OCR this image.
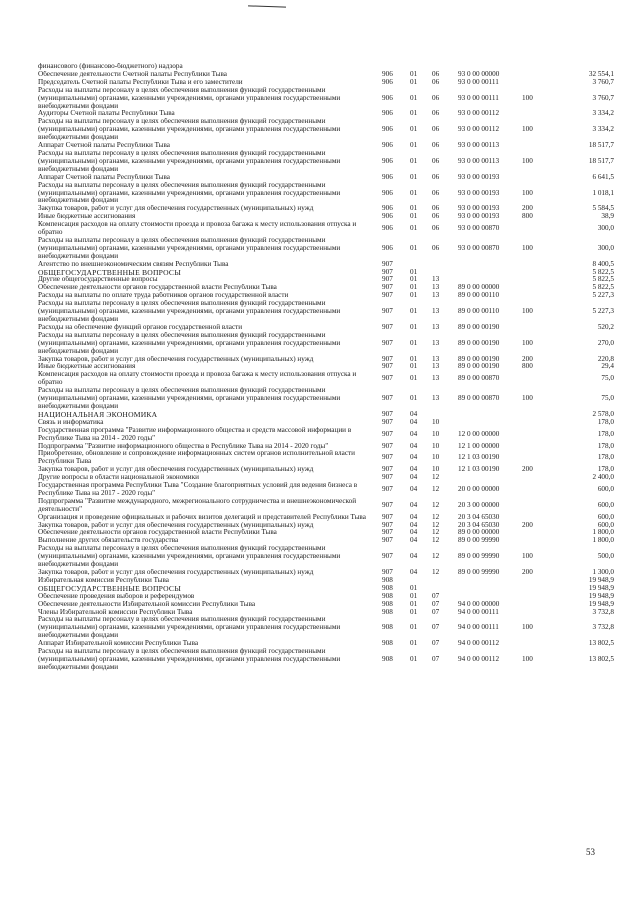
финансового (финансово-бюджетного) надзора						
Обеспечение деятельности Счетной палаты Республики Тыва	906	01	06	93 0 00 00000		32 554,1
Председатель Счетной палаты Республики Тыва и его заместители	906	01	06	93 0 00 00111		3 760,7
Расходы на выплаты персоналу в целях обеспечения выполнения функций государственными (муниципальными) органами, казенными учреждениями, органами управления государственными внебюджетными фондами	906	01	06	93 0 00 00111	100	3 760,7
Аудиторы Счетной палаты Республики Тыва	906	01	06	93 0 00 00112		3 334,2
Расходы на выплаты персоналу в целях обеспечения выполнения функций государственными (муниципальными) органами, казенными учреждениями, органами управления государственными внебюджетными фондами	906	01	06	93 0 00 00112	100	3 334,2
Аппарат Счетной палаты Республики Тыва	906	01	06	93 0 00 00113		18 517,7
Расходы на выплаты персоналу в целях обеспечения выполнения функций государственными (муниципальными) органами, казенными учреждениями, органами управления государственными внебюджетными фондами	906	01	06	93 0 00 00113	100	18 517,7
Аппарат Счетной палаты Республики Тыва	906	01	06	93 0 00 00193		6 641,5
Расходы на выплаты персоналу в целях обеспечения выполнения функций государственными (муниципальными) органами, казенными учреждениями, органами управления государственными внебюджетными фондами	906	01	06	93 0 00 00193	100	1 018,1
Закупка товаров, работ и услуг для обеспечения государственных (муниципальных) нужд	906	01	06	93 0 00 00193	200	5 584,5
Иные бюджетные ассигнования	906	01	06	93 0 00 00193	800	38,9
Компенсация расходов на оплату стоимости проезда и провоза багажа к месту использования отпуска и обратно	906	01	06	93 0 00 00870		300,0
Расходы на выплаты персоналу в целях обеспечения выполнения функций государственными (муниципальными) органами, казенными учреждениями, органами управления государственными внебюджетными фондами	906	01	06	93 0 00 00870	100	300,0
Агентство по внешнеэкономическим связям Республики Тыва	907					8 400,5
ОБЩЕГОСУДАРСТВЕННЫЕ ВОПРОСЫ	907	01				5 822,5
Другие общегосударственные вопросы	907	01	13			5 822,5
Обеспечение деятельности органов государственной власти Республики Тыва	907	01	13	89 0 00 00000		5 822,5
Расходы на выплаты по оплате труда работников органов государственной власти	907	01	13	89 0 00 00110		5 227,3
Расходы на выплаты персоналу в целях обеспечения выполнения функций государственными (муниципальными) органами, казенными учреждениями, органами управления государственными внебюджетными фондами	907	01	13	89 0 00 00110	100	5 227,3
Расходы на обеспечение функций органов государственной власти	907	01	13	89 0 00 00190		520,2
Расходы на выплаты персоналу в целях обеспечения выполнения функций государственными (муниципальными) органами, казенными учреждениями, органами управления государственными внебюджетными фондами	907	01	13	89 0 00 00190	100	270,0
Закупка товаров, работ и услуг для обеспечения государственных (муниципальных) нужд	907	01	13	89 0 00 00190	200	220,8
Иные бюджетные ассигнования	907	01	13	89 0 00 00190	800	29,4
Компенсация расходов на оплату стоимости проезда и провоза багажа к месту использования отпуска и обратно	907	01	13	89 0 00 00870		75,0
Расходы на выплаты персоналу в целях обеспечения выполнения функций государственными (муниципальными) органами, казенными учреждениями, органами управления государственными внебюджетными фондами	907	01	13	89 0 00 00870	100	75,0
НАЦИОНАЛЬНАЯ ЭКОНОМИКА	907	04				2 578,0
Связь и информатика	907	04	10			178,0
Государственная программа "Развитие информационного общества и средств массовой информации в Республике Тыва на 2014 - 2020 годы"	907	04	10	12 0 00 00000		178,0
Подпрограмма "Развитие информационного общества в Республике Тыва на 2014 - 2020 годы"	907	04	10	12 1 00 00000		178,0
Приобретение, обновление и сопровождение информационных систем органов исполнительной власти Республики Тыва	907	04	10	12 1 03 00190		178,0
Закупка товаров, работ и услуг для обеспечения государственных (муниципальных) нужд	907	04	10	12 1 03 00190	200	178,0
Другие вопросы в области национальной экономики	907	04	12			2 400,0
Государственная программа Республики Тыва "Создание благоприятных условий для ведения бизнеса в Республике Тыва на 2017 - 2020 годы"	907	04	12	20 0 00 00000		600,0
Подпрограмма "Развитие международного, межрегионального сотрудничества и внешнеэкономической деятельности"	907	04	12	20 3 00 00000		600,0
Организация и проведение официальных и рабочих визитов делегаций и представителей Республики Тыва	907	04	12	20 3 04 65030		600,0
Закупка товаров, работ и услуг для обеспечения государственных (муниципальных) нужд	907	04	12	20 3 04 65030	200	600,0
Обеспечение деятельности органов государственной власти Республики Тыва	907	04	12	89 0 00 00000		1 800,0
Выполнение других обязательств государства	907	04	12	89 0 00 99990		1 800,0
Расходы на выплаты персоналу в целях обеспечения выполнения функций государственными (муниципальными) органами, казенными учреждениями, органами управления государственными внебюджетными фондами	907	04	12	89 0 00 99990	100	500,0
Закупка товаров, работ и услуг для обеспечения государственных (муниципальных) нужд	907	04	12	89 0 00 99990	200	1 300,0
Избирательная комиссия Республики Тыва	908					19 948,9
ОБЩЕГОСУДАРСТВЕННЫЕ ВОПРОСЫ	908	01				19 948,9
Обеспечение проведения выборов и референдумов	908	01	07			19 948,9
Обеспечение деятельности Избирательной комиссии Республики Тыва	908	01	07	94 0 00 00000		19 948,9
Члены Избирательной комиссии Республики Тыва	908	01	07	94 0 00 00111		3 732,8
Расходы на выплаты персоналу в целях обеспечения выполнения функций государственными (муниципальными) органами, казенными учреждениями, органами управления государственными внебюджетными фондами	908	01	07	94 0 00 00111	100	3 732,8
Аппарат Избирательной комиссии Республики Тыва	908	01	07	94 0 00 00112		13 802,5
Расходы на выплаты персоналу в целях обеспечения выполнения функций государственными (муниципальными) органами, казенными учреждениями, органами управления государственными внебюджетными фондами	908	01	07	94 0 00 00112	100	13 802,5
53
